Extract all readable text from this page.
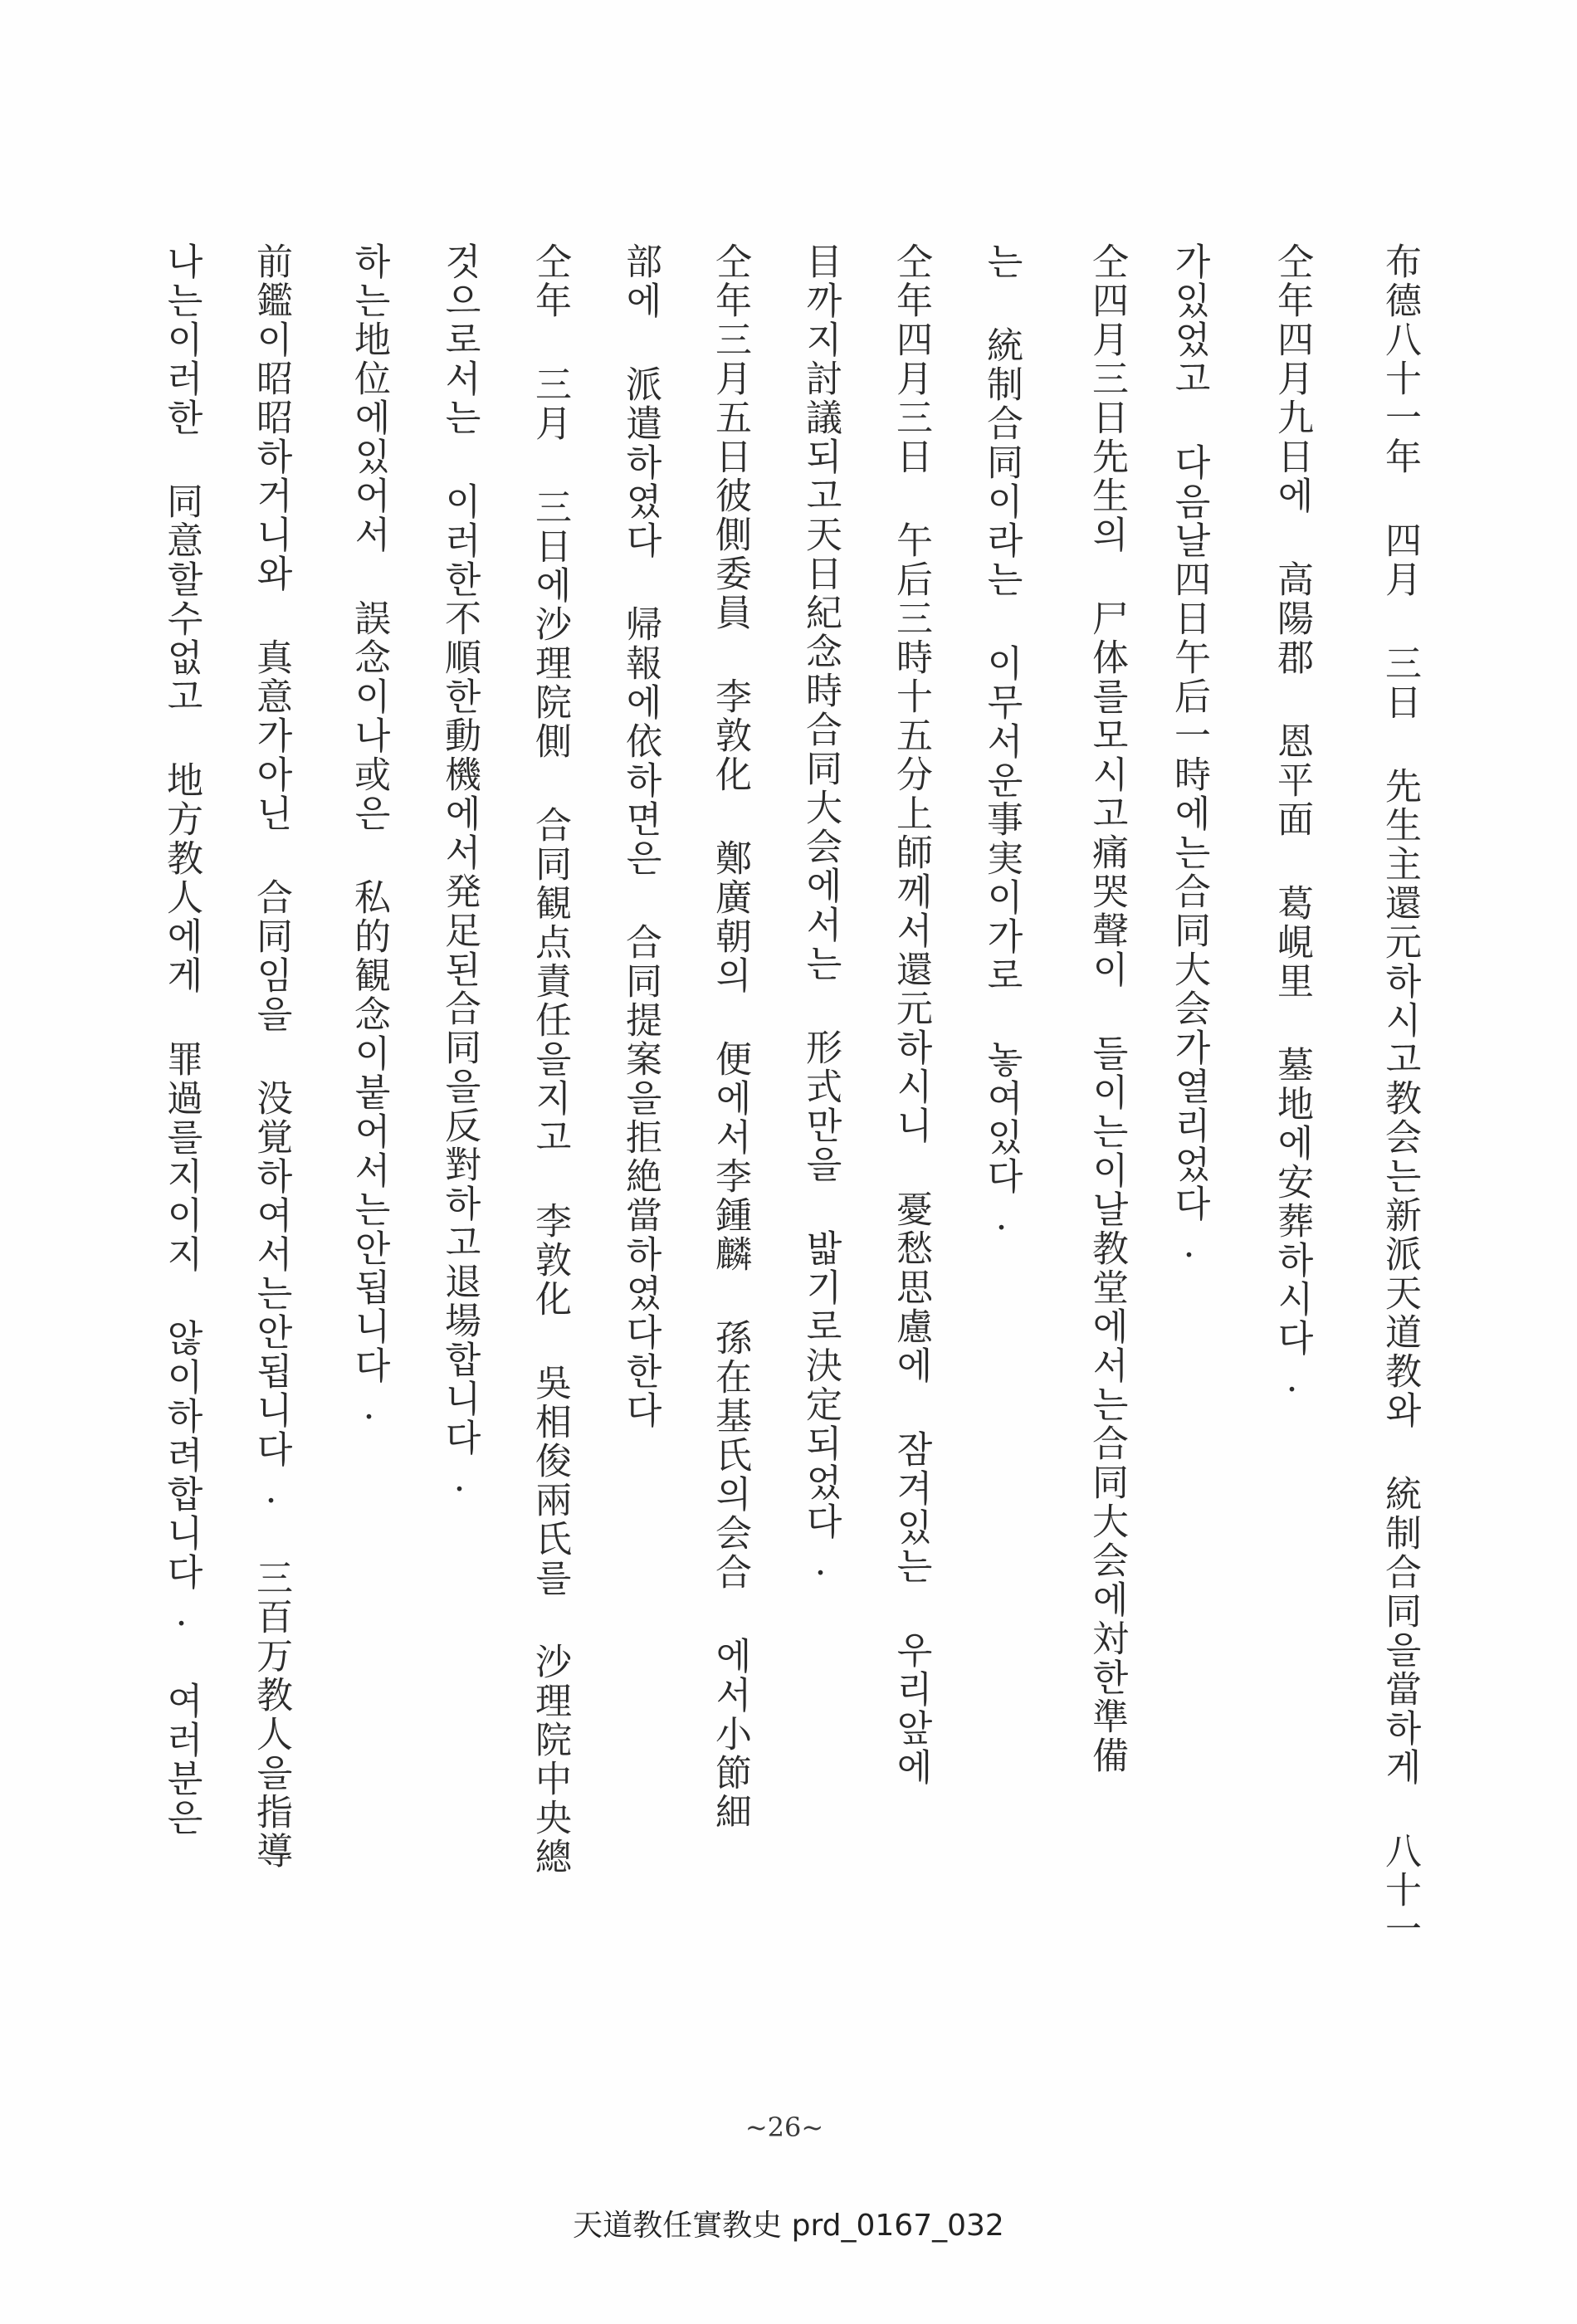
布德八十一年 四月 三日 先生主還元하시고教会는新派天道教와 統制合同을當하게 八十一
仝年四月九日에 高陽郡 恩平面 葛峴里 墓地에安葬하시다.
가있었고 다음날四日午后一時에는合同大会가열리었다.
仝四月三日先生의 尸体를모시고痛哭聲이 들이는이날教堂에서는合同大会에対한準備
는 統制合同이라는 이무서운事実이가로 놓여있다.
仝年四月三日 午后三時十五分上師께서還元하시니 憂愁思慮에 잠겨있는 우리앞에
目까지討議되고天日紀念時合同大会에서는 形式만을 밟기로決定되었다.
仝年三月五日彼側委員 李敦化 鄭廣朝의 便에서李鍾麟 孫在基氏의会合 에서小節細
部에 派遣하였다 帰報에依하면은 合同提案을拒絶當하였다한다
仝年 三月 三日에沙理院側 合同観点責任을지고 李敦化 吳相俊兩氏를 沙理院中央總
것으로서는 이러한不順한動機에서発足된合同을反對하고退場합니다.
하는地位에있어서 誤念이나或은 私的観念이붙어서는안됩니다.
前鑑이昭昭하거니와 真意가아닌 合同임을 没覚하여서는안됩니다. 三百万教人을指導
나는이러한 同意할수없고 地方教人에게 罪過를지이지 않이하려합니다. 여러분은
~26~
天道教任實教史 prd_0167_032
